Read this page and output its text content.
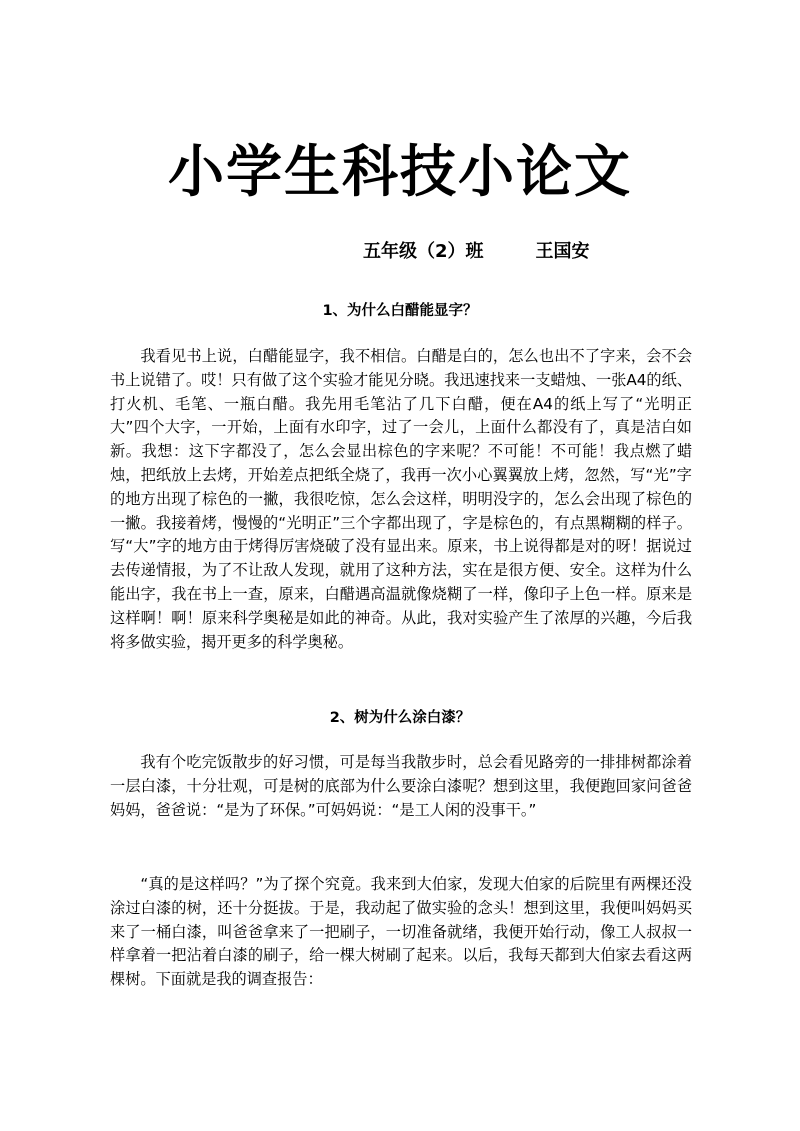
小学生科技小论文
五年级（2）班	王国安
1、为什么白醋能显字？

我看见书上说，白醋能显字，我不相信。白醋是白的，怎么也出不了字来，会不会书上说错了。哎！只有做了这个实验才能见分晓。我迅速找来一支蜡烛、一张A4的纸、打火机、毛笔、一瓶白醋。我先用毛笔沾了几下白醋，便在A4的纸上写了“光明正大”四个大字，一开始，上面有水印字，过了一会儿，上面什么都没有了，真是洁白如新。我想：这下字都没了，怎么会显出棕色的字来呢？不可能！不可能！我点燃了蜡烛，把纸放上去烤，开始差点把纸全烧了，我再一次小心翼翼放上烤，忽然，写“光”字的地方出现了棕色的一撇，我很吃惊，怎么会这样，明明没字的，怎么会出现了棕色的一撇。我接着烤，慢慢的“光明正”三个字都出现了，字是棕色的，有点黑糊糊的样子。写“大”字的地方由于烤得厉害烧破了没有显出来。原来，书上说得都是对的呀！据说过去传递情报，为了不让敌人发现，就用了这种方法，实在是很方便、安全。这样为什么能出字，我在书上一查，原来，白醋遇高温就像烧糊了一样，像印子上色一样。原来是这样啊！啊！原来科学奥秘是如此的神奇。从此，我对实验产生了浓厚的兴趣，今后我将多做实验，揭开更多的科学奥秘。

2、树为什么涂白漆？

我有个吃完饭散步的好习惯，可是每当我散步时，总会看见路旁的一排排树都涂着一层白漆，十分壮观，可是树的底部为什么要涂白漆呢？想到这里，我便跑回家问爸爸妈妈，爸爸说：“是为了环保。”可妈妈说：“是工人闲的没事干。”

“真的是这样吗？”为了探个究竟。我来到大伯家，发现大伯家的后院里有两棵还没涂过白漆的树，还十分挺拔。于是，我动起了做实验的念头！想到这里，我便叫妈妈买来了一桶白漆，叫爸爸拿来了一把刷子，一切准备就绪，我便开始行动，像工人叔叔一样拿着一把沾着白漆的刷子，给一棵大树刷了起来。以后，我每天都到大伯家去看这两棵树。下面就是我的调查报告：
